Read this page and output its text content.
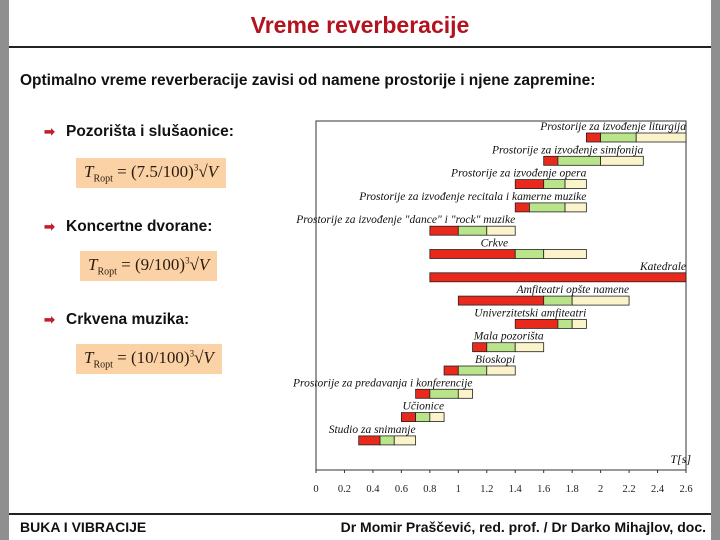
Vreme reverberacije
Optimalno vreme reverberacije zavisi od namene prostorije i njene zapremine:
➡ Pozorišta i slušaonice:
$T_{Ropt} = (7.5/100)^3√V$
➡ Koncertne dvorane:
$T_{Ropt} = (9/100)^3√V$
➡ Crkvena muzika:
$T_{Ropt} = (10/100)^3√V$
0 0.2 0.4 0.6 0.8 1 1.2 1.4 1.6 1.8 2 2.2 2.4 2.6
T[s]
Prostorije za izvođenje liturgija
Prostorije za izvođenje simfonija
Prostorije za izvođenje opera
Prostorije za izvođenje recitala i kamerne muzike
Prostorije za izvođenje "dance" i "rock" muzike
Crkve
Katedrale
Amfiteatri opšte namene
Univerzitetski amfiteatri
Mala pozorišta
Bioskopi
Prostorije za predavanja i konferencije
Učionice
Studio za snimanje
BUKA I VIBRACIJE	Dr Momir Praščević, red. prof. / Dr Darko Mihajlov, doc.
